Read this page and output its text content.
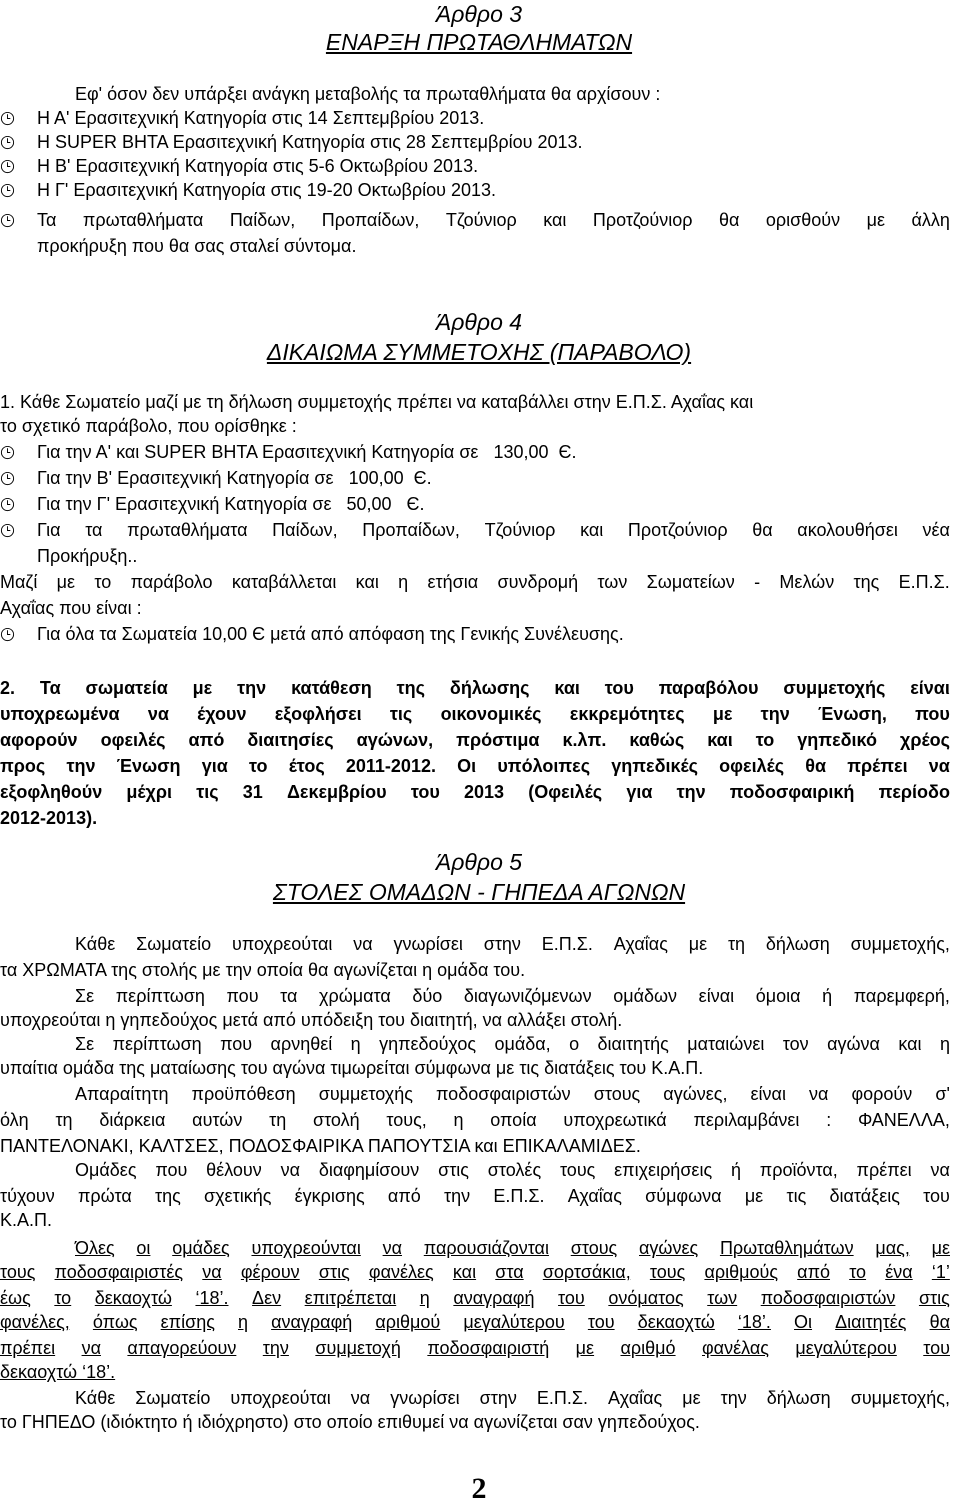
Άρθρο 3

ΕΝΑΡΞΗ ΠΡΩΤΑΘΛΗΜΑΤΩΝ

Εφ' όσον δεν υπάρξει ανάγκη μεταβολής τα πρωταθλήματα θα αρχίσουν :
Η Α' Ερασιτεχνική Κατηγορία στις 14 Σεπτεμβρίου 2013.
Η SUPER BHTA Ερασιτεχνική Κατηγορία στις 28 Σεπτεμβρίου 2013.
Η Β' Ερασιτεχνική Κατηγορία στις 5-6 Οκτωβρίου 2013.
Η Γ' Ερασιτεχνική Κατηγορία στις 19-20 Οκτωβρίου 2013.
Τα πρωταθλήματα Παίδων, Προπαίδων, Τζούνιορ και Προτζούνιορ θα ορισθούν με άλλη
προκήρυξη που θα σας σταλεί σύντομα.

Άρθρο 4

ΔΙΚΑΙΩΜΑ ΣΥΜΜΕΤΟΧΗΣ (ΠΑΡΑΒΟΛΟ)

1. Κάθε Σωματείο μαζί με τη δήλωση συμμετοχής πρέπει να καταβάλλει στην Ε.Π.Σ. Αχαΐας και
το σχετικό παράβολο, που ορίσθηκε :
Για την Α' και SUPER BHTA Ερασιτεχνική Κατηγορία σε   130,00  Є.
Για την Β' Ερασιτεχνική Κατηγορία σε   100,00  Є.
Για την Γ' Ερασιτεχνική Κατηγορία σε   50,00   Є.
Για τα πρωταθλήματα Παίδων, Προπαίδων, Τζούνιορ και Προτζούνιορ θα ακολουθήσει νέα
Προκήρυξη..
Μαζί με το παράβολο καταβάλλεται και η ετήσια συνδρομή των Σωματείων - Μελών της Ε.Π.Σ.
Αχαΐας που είναι :
Για όλα τα Σωματεία 10,00 Є μετά από απόφαση της Γενικής Συνέλευσης.
2. Τα σωματεία με την κατάθεση της δήλωσης και του παραβόλου συμμετοχής είναι
υποχρεωμένα να έχουν εξοφλήσει τις οικονομικές εκκρεμότητες με την Ένωση, που
αφορούν οφειλές από διαιτησίες αγώνων, πρόστιμα κ.λπ. καθώς και το γηπεδικό χρέος
προς την Ένωση για το έτος 2011-2012. Οι υπόλοιπες γηπεδικές οφειλές θα πρέπει να
εξοφληθούν μέχρι τις 31 Δεκεμβρίου του 2013 (Οφειλές για την ποδοσφαιρική περίοδο
2012-2013).

Άρθρο 5

ΣΤΟΛΕΣ ΟΜΑΔΩΝ - ΓΗΠΕΔΑ ΑΓΩΝΩΝ

Κάθε Σωματείο υποχρεούται να γνωρίσει στην Ε.Π.Σ. Αχαΐας με τη δήλωση συμμετοχής,
τα ΧΡΩΜΑΤΑ της στολής με την οποία θα αγωνίζεται η ομάδα του.
Σε περίπτωση που τα χρώματα δύο διαγωνιζόμενων ομάδων είναι όμοια ή παρεμφερή,
υποχρεούται η γηπεδούχος μετά από υπόδειξη του διαιτητή, να αλλάξει στολή.
Σε περίπτωση που αρνηθεί η γηπεδούχος ομάδα, ο διαιτητής ματαιώνει τον αγώνα και η
υπαίτια ομάδα της ματαίωσης του αγώνα τιμωρείται σύμφωνα με τις διατάξεις του Κ.Α.Π.
Απαραίτητη προϋπόθεση συμμετοχής ποδοσφαιριστών στους αγώνες, είναι να φορούν σ'
όλη τη διάρκεια αυτών τη στολή τους, η οποία υποχρεωτικά περιλαμβάνει : ΦΑΝΕΛΛΑ,
ΠΑΝΤΕΛΟΝΑΚΙ, ΚΑΛΤΣΕΣ, ΠΟΔΟΣΦΑΙΡΙΚΑ ΠΑΠΟΥΤΣΙΑ και ΕΠΙΚΑΛΑΜΙΔΕΣ.
Ομάδες που θέλουν να διαφημίσουν στις στολές τους επιχειρήσεις ή προϊόντα, πρέπει να
τύχουν πρώτα της σχετικής έγκρισης από την Ε.Π.Σ. Αχαΐας σύμφωνα με τις διατάξεις του
Κ.Α.Π.
Όλες οι ομάδες υποχρεούνται να παρουσιάζονται στους αγώνες Πρωταθλημάτων μας, με
τους ποδοσφαιριστές να φέρουν στις φανέλες και στα σορτσάκια, τους αριθμούς από το ένα ‘1’
έως το δεκαοχτώ ‘18’. Δεν επιτρέπεται η αναγραφή του ονόματος των ποδοσφαιριστών στις
φανέλες, όπως επίσης η αναγραφή αριθμού μεγαλύτερου του δεκαοχτώ ‘18’. Οι Διαιτητές θα
πρέπει να απαγορεύουν την συμμετοχή ποδοσφαιριστή με αριθμό φανέλας μεγαλύτερου του
δεκαοχτώ ‘18’.
Κάθε Σωματείο υποχρεούται να γνωρίσει στην Ε.Π.Σ. Αχαΐας με την δήλωση συμμετοχής,
το ΓΗΠΕΔΟ (ιδιόκτητο ή ιδιόχρηστο) στο οποίο επιθυμεί να αγωνίζεται σαν γηπεδούχος.
2
